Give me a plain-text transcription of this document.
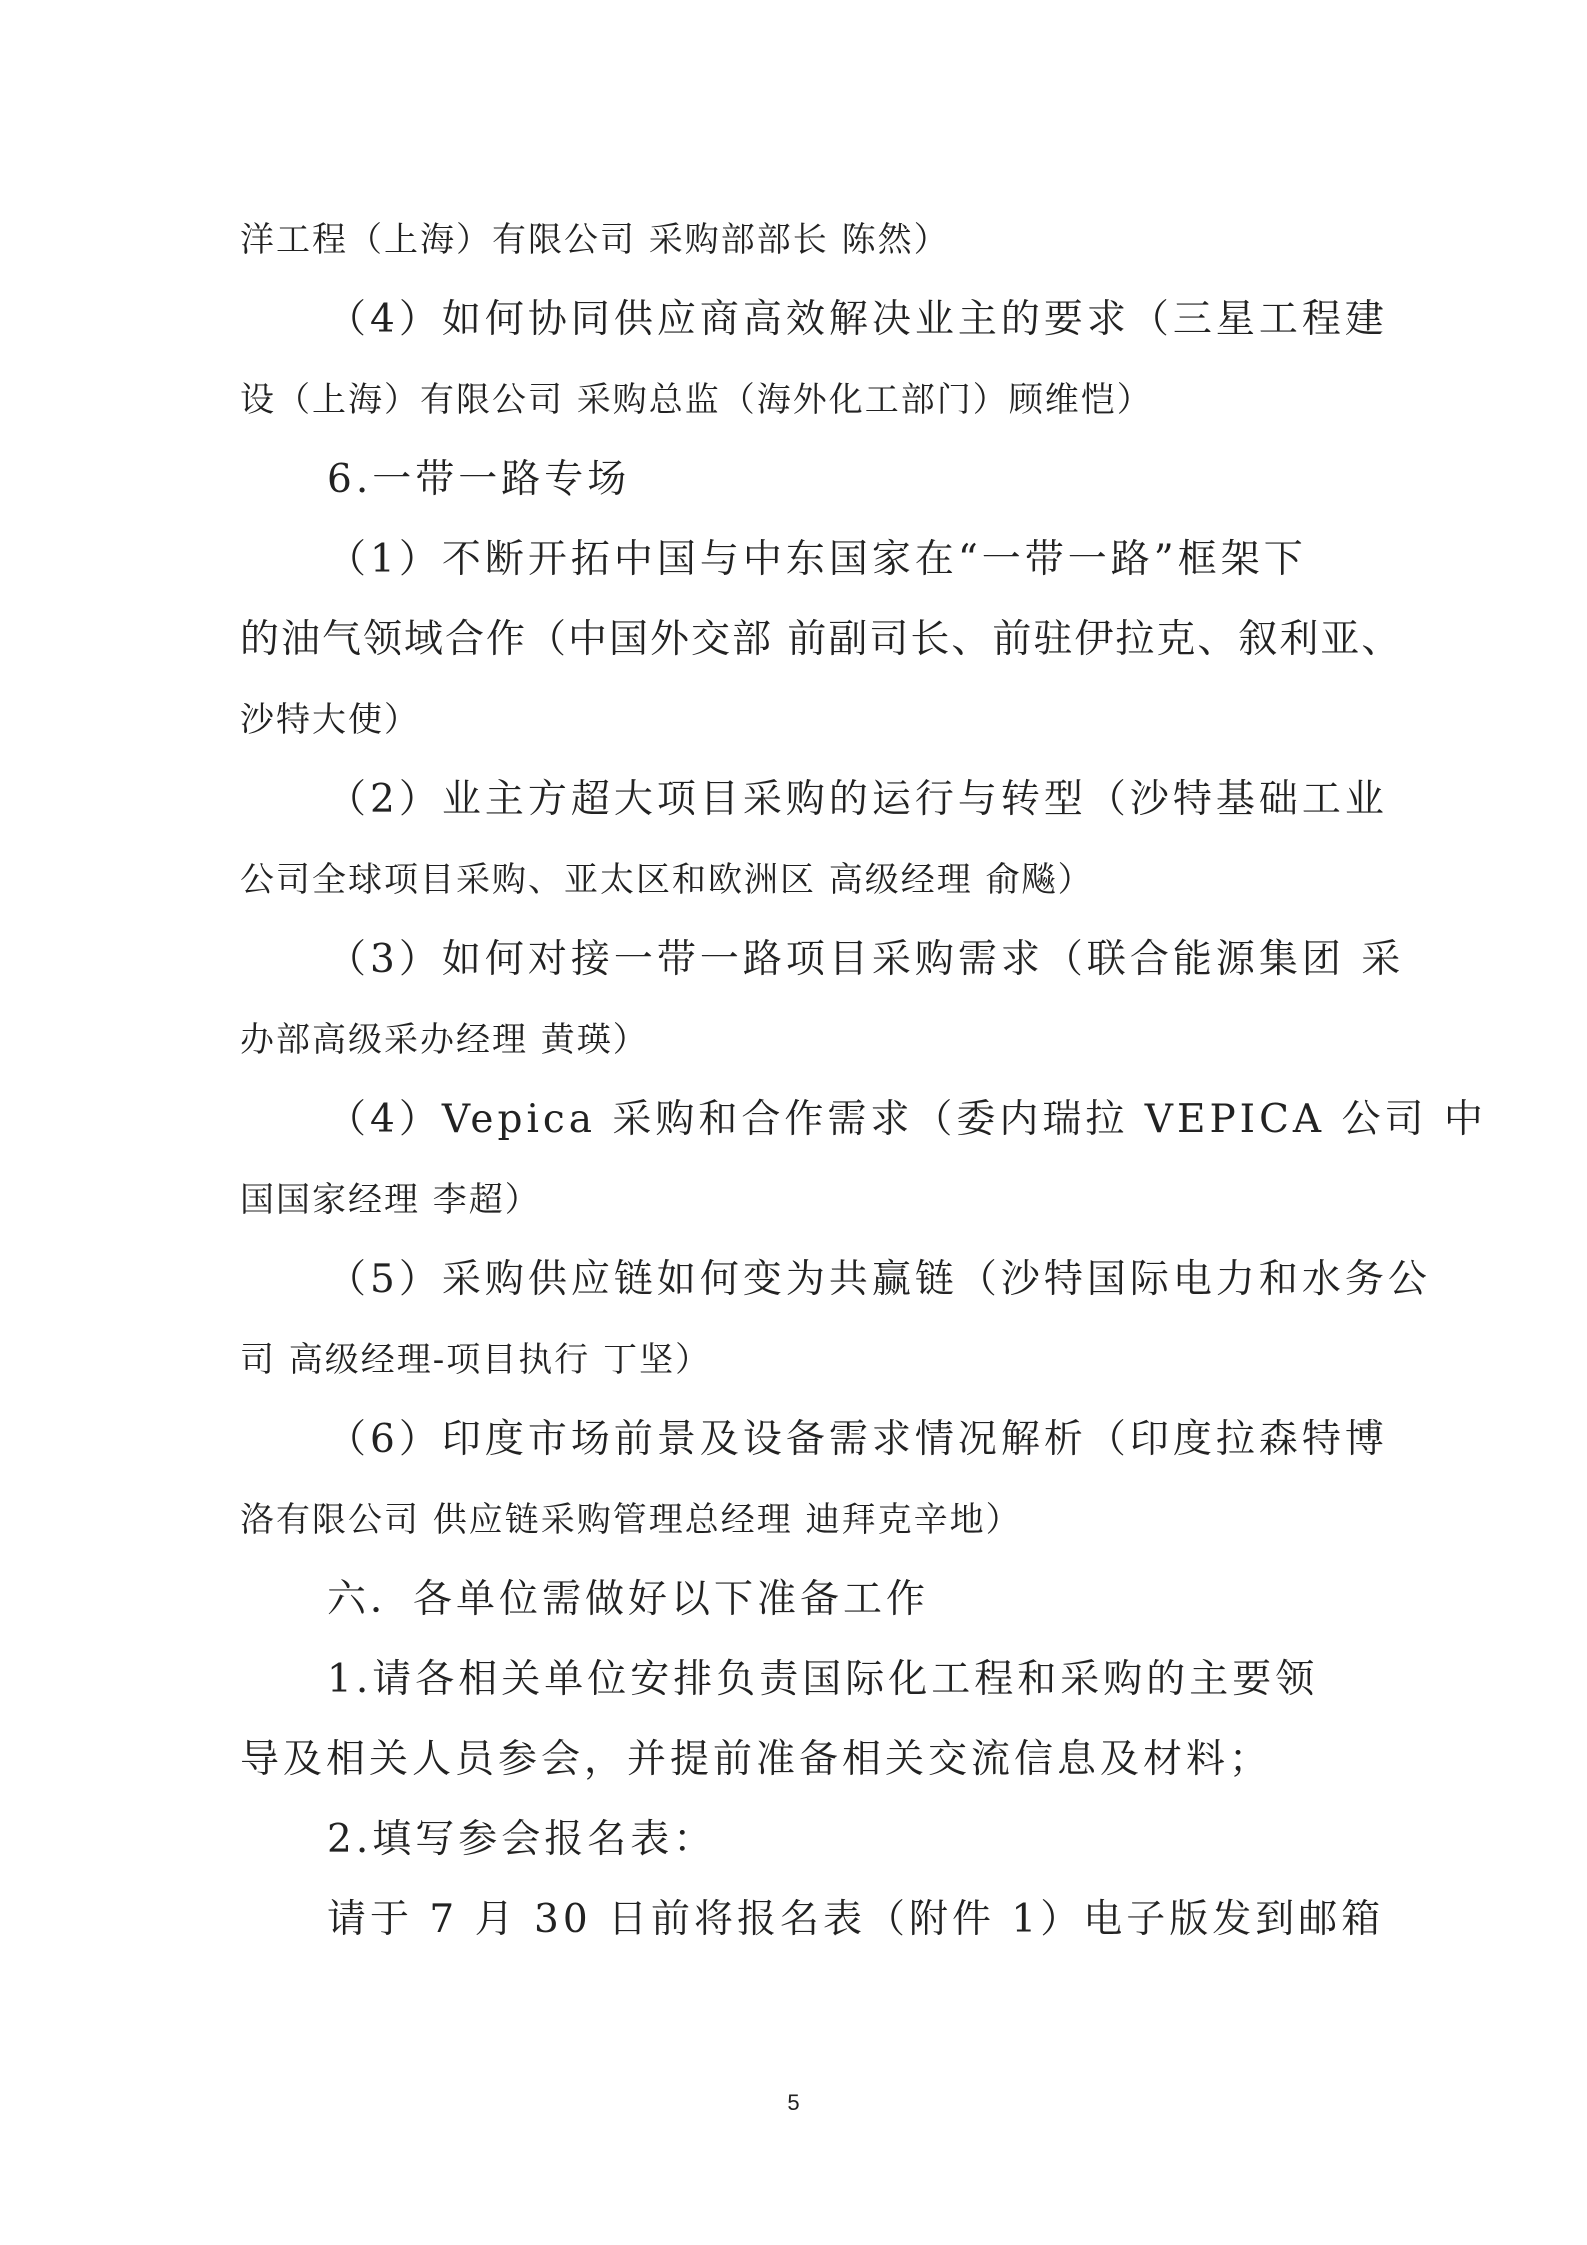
洋工程（上海）有限公司 采购部部长 陈然）
（4）如何协同供应商高效解决业主的要求（三星工程建
设（上海）有限公司 采购总监（海外化工部门）顾维恺）
6.一带一路专场
（1）不断开拓中国与中东国家在“一带一路”框架下
的油气领域合作（中国外交部 前副司长、前驻伊拉克、叙利亚、
沙特大使）
（2）业主方超大项目采购的运行与转型（沙特基础工业
公司全球项目采购、亚太区和欧洲区 高级经理 俞飚）
（3）如何对接一带一路项目采购需求（联合能源集团 采
办部高级采办经理 黄瑛）
（4）Vepica 采购和合作需求（委内瑞拉 VEPICA 公司 中
国国家经理 李超）
（5）采购供应链如何变为共赢链（沙特国际电力和水务公
司 高级经理-项目执行 丁坚）
（6）印度市场前景及设备需求情况解析（印度拉森特博
洛有限公司 供应链采购管理总经理 迪拜克辛地）
六．各单位需做好以下准备工作
1.请各相关单位安排负责国际化工程和采购的主要领
导及相关人员参会，并提前准备相关交流信息及材料；
2.填写参会报名表：
请于 7 月 30 日前将报名表（附件 1）电子版发到邮箱
5
